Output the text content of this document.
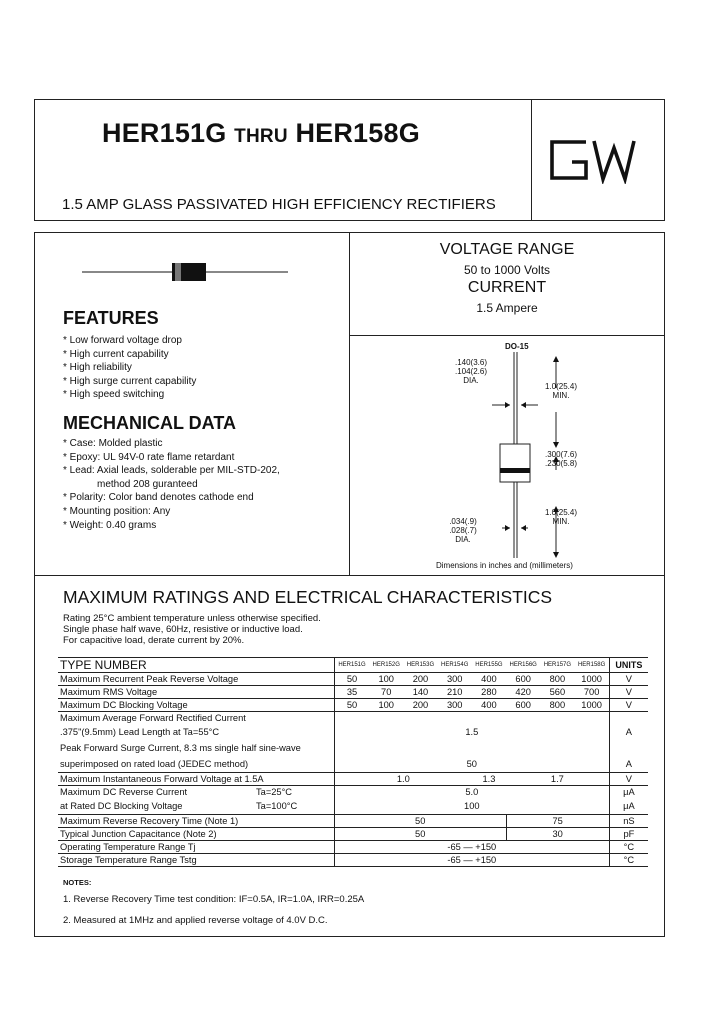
HER151G THRU HER158G
1.5 AMP GLASS PASSIVATED HIGH EFFICIENCY RECTIFIERS
FEATURES
* Low forward voltage drop
* High current capability
* High reliability
* High surge current capability
* High speed switching
MECHANICAL DATA
* Case: Molded plastic
* Epoxy: UL 94V-0 rate flame retardant
* Lead: Axial leads, solderable per MIL-STD-202,
method 208 guranteed
* Polarity: Color band denotes cathode end
* Mounting position: Any
* Weight: 0.40 grams
VOLTAGE RANGE
50 to 1000 Volts
CURRENT
1.5 Ampere
DO-15
.140(3.6)
.104(2.6)
DIA.
1.0(25.4)
MIN.
.300(7.6)
.230(5.8)
1.0(25.4)
MIN.
.034(.9)
.028(.7)
DIA.
Dimensions in inches and (millimeters)
MAXIMUM RATINGS AND ELECTRICAL CHARACTERISTICS
Rating 25°C ambient temperature unless otherwise specified.
Single phase half wave, 60Hz, resistive or inductive load.
For capacitive load, derate current by 20%.
TYPE NUMBER	HER151G	HER152G	HER153G	HER154G	HER155G	HER156G	HER157G	HER158G	UNITS
Maximum Recurrent Peak Reverse Voltage	50	100	200	300	400	600	800	1000	V
Maximum RMS Voltage	35	70	140	210	280	420	560	700	V
Maximum DC Blocking Voltage	50	100	200	300	400	600	800	1000	V
Maximum Average Forward Rectified Current									
.375"(9.5mm) Lead Length at Ta=55°C	1.5								A
Peak Forward Surge Current, 8.3 ms single half sine-wave									
superimposed on rated load (JEDEC method)	50								A
Maximum Instantaneous Forward Voltage at 1.5A	1.0				1.3	1.7			V
Maximum DC Reverse Current Ta=25°C	5.0								μA
at Rated DC Blocking Voltage Ta=100°C	100								μA
Maximum Reverse Recovery Time (Note 1)	50					75			nS
Typical Junction Capacitance (Note 2)	50					30			pF
Operating Temperature Range Tj	-65 — +150								°C
Storage Temperature Range Tstg	-65 — +150								°C
NOTES:
1. Reverse Recovery Time test condition: IF=0.5A, IR=1.0A, IRR=0.25A
2. Measured at 1MHz and applied reverse voltage of 4.0V D.C.
